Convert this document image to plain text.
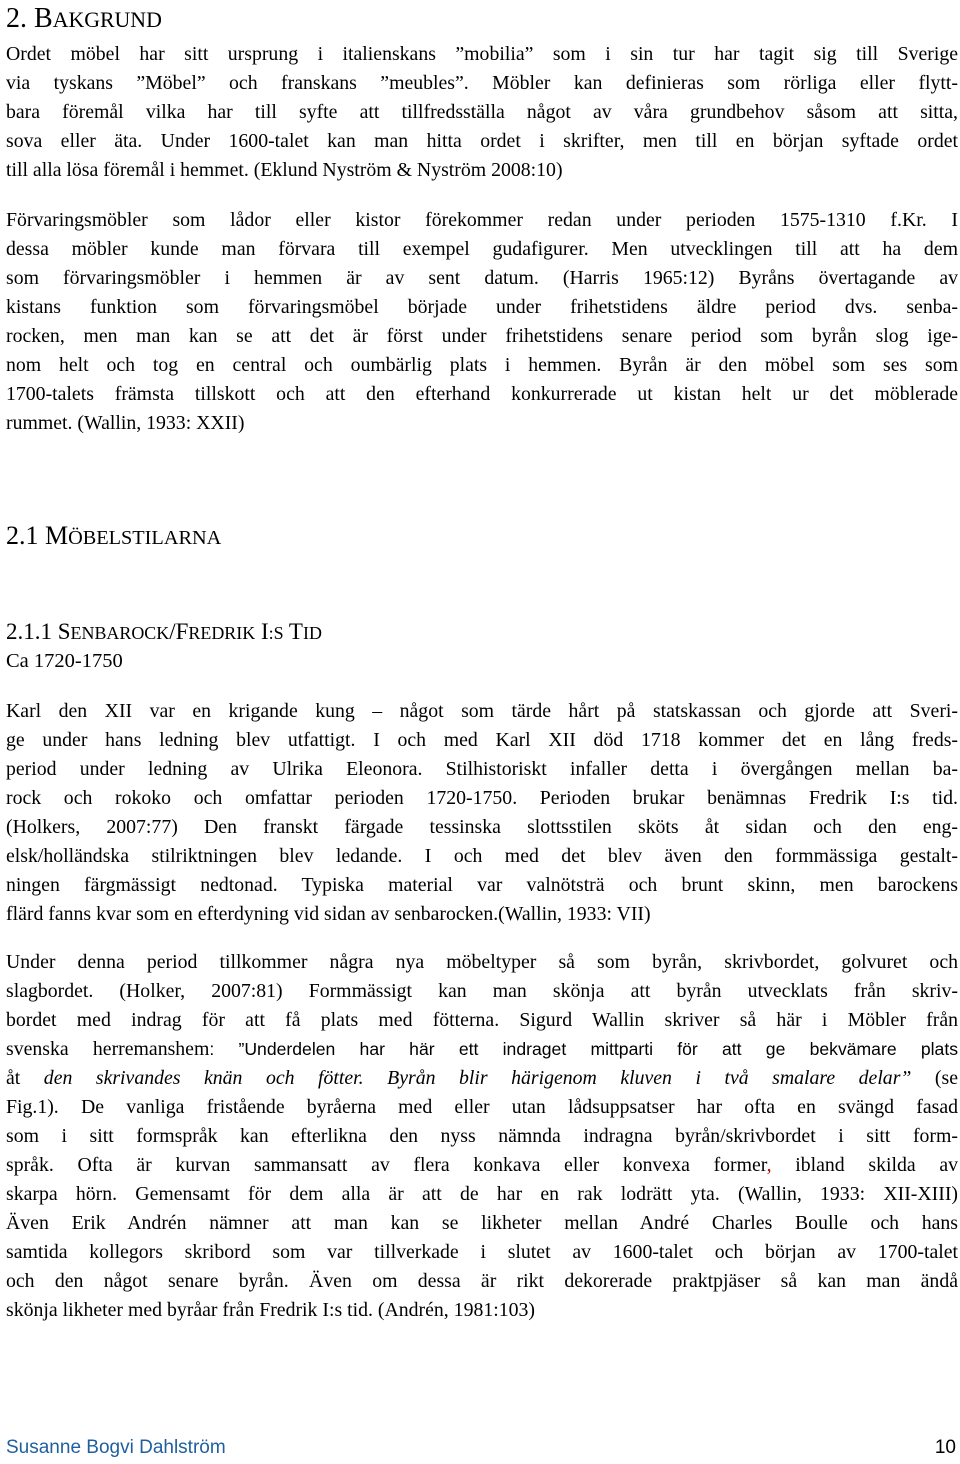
2. BAKGRUND
Ordet möbel har sitt ursprung i italienskans ”mobilia” som i sin tur har tagit sig till Sverige
via tyskans ”Möbel” och franskans ”meubles”. Möbler kan definieras som rörliga eller flytt-
bara föremål vilka har till syfte att tillfredsställa något av våra grundbehov såsom att sitta,
sova eller äta. Under 1600-talet kan man hitta ordet i skrifter, men till en början syftade ordet
till alla lösa föremål i hemmet. (Eklund Nyström & Nyström 2008:10)
Förvaringsmöbler som lådor eller kistor förekommer redan under perioden 1575-1310 f.Kr. I
dessa möbler kunde man förvara till exempel gudafigurer. Men utvecklingen till att ha dem
som förvaringsmöbler i hemmen är av sent datum. (Harris 1965:12) Byråns övertagande av
kistans funktion som förvaringsmöbel började under frihetstidens äldre period dvs. senba-
rocken, men man kan se att det är först under frihetstidens senare period som byrån slog ige-
nom helt och tog en central och oumbärlig plats i hemmen. Byrån är den möbel som ses som
1700-talets främsta tillskott och att den efterhand konkurrerade ut kistan helt ur det möblerade
rummet. (Wallin, 1933: XXII)
2.1 MÖBELSTILARNA
2.1.1 SENBAROCK/FREDRIK I:S TID
Ca 1720-1750
Karl den XII var en krigande kung – något som tärde hårt på statskassan och gjorde att Sveri-
ge under hans ledning blev utfattigt. I och med Karl XII död 1718 kommer det en lång freds-
period under ledning av Ulrika Eleonora. Stilhistoriskt infaller detta i övergången mellan ba-
rock och rokoko och omfattar perioden 1720-1750. Perioden brukar benämnas Fredrik I:s tid.
(Holkers, 2007:77) Den franskt färgade tessinska slottsstilen sköts åt sidan och den eng-
elsk/holländska stilriktningen blev ledande. I och med det blev även den formmässiga gestalt-
ningen färgmässigt nedtonad. Typiska material var valnötsträ och brunt skinn, men barockens
flärd fanns kvar som en efterdyning vid sidan av senbarocken.(Wallin, 1933: VII)
Under denna period tillkommer några nya möbeltyper så som byrån, skrivbordet, golvuret och
slagbordet. (Holker, 2007:81) Formmässigt kan man skönja att byrån utvecklats från skriv-
bordet med indrag för att få plats med fötterna. Sigurd Wallin skriver så här i Möbler från
svenska herremanshem: ”Underdelen har här ett indraget mittparti för att ge bekvämare plats
åt den skrivandes knän och fötter. Byrån blir härigenom kluven i två smalare delar” (se
Fig.1). De vanliga fristående byråerna med eller utan lådsuppsatser har ofta en svängd fasad
som i sitt formspråk kan efterlikna den nyss nämnda indragna byrån/skrivbordet i sitt form-
språk. Ofta är kurvan sammansatt av flera konkava eller konvexa former, ibland skilda av
skarpa hörn. Gemensamt för dem alla är att de har en rak lodrätt yta. (Wallin, 1933: XII-XIII)
Även Erik Andrén nämner att man kan se likheter mellan André Charles Boulle och hans
samtida kollegors skribord som var tillverkade i slutet av 1600-talet och början av 1700-talet
och den något senare byrån. Även om dessa är rikt dekorerade praktpjäser så kan man ändå
skönja likheter med byråar från Fredrik I:s tid. (Andrén, 1981:103)
Susanne Bogvi Dahlström	10
